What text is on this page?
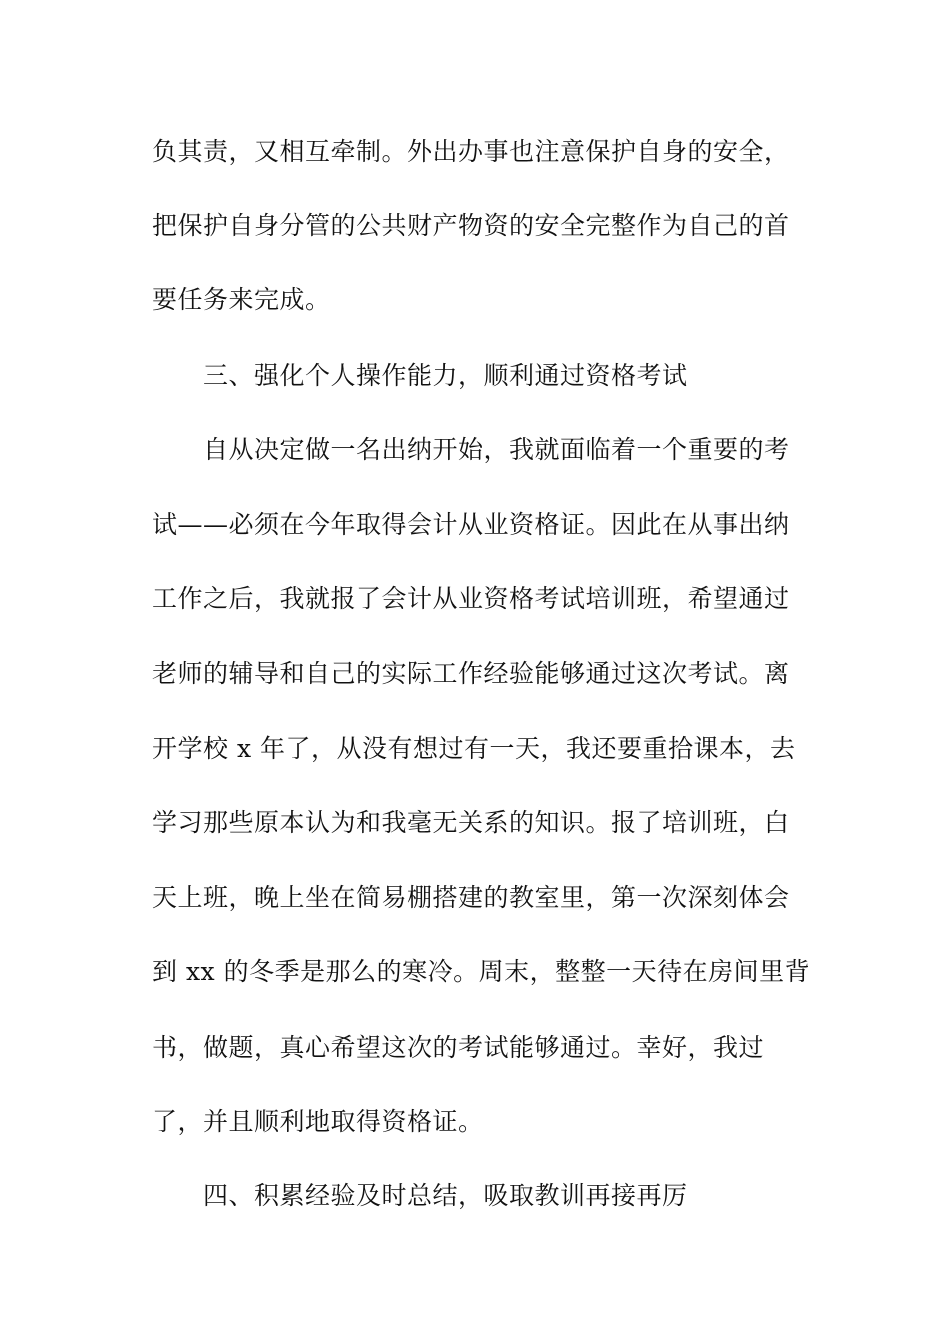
负其责，又相互牵制。外出办事也注意保护自身的安全，
把保护自身分管的公共财产物资的安全完整作为自己的首
要任务来完成。
三、强化个人操作能力，顺利通过资格考试
自从决定做一名出纳开始，我就面临着一个重要的考
试——必须在今年取得会计从业资格证。因此在从事出纳
工作之后，我就报了会计从业资格考试培训班，希望通过
老师的辅导和自己的实际工作经验能够通过这次考试。离
开学校 x 年了，从没有想过有一天，我还要重拾课本，去
学习那些原本认为和我毫无关系的知识。报了培训班，白
天上班，晚上坐在简易棚搭建的教室里，第一次深刻体会
到 xx 的冬季是那么的寒冷。周末，整整一天待在房间里背
书，做题，真心希望这次的考试能够通过。幸好，我过
了，并且顺利地取得资格证。
四、积累经验及时总结，吸取教训再接再厉
